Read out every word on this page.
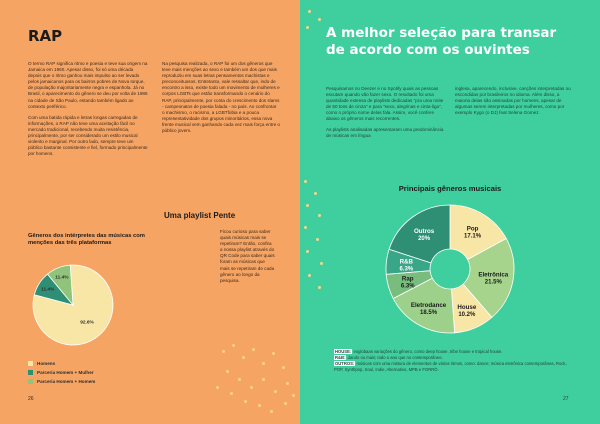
RAP

O termo RAP significa ritmo e poesia e teve sua origem na Jamaica em 1960. Apesar disso, foi só uma década depois que o ritmo ganhou mais impulso ao ser levado pelos jamaicanos para os bairros pobres de Nova Iorque, de população majoritariamente negra e espanhola. Já no Brasil, o aparecimento do gênero se deu por volta de 1986 na cidade de São Paulo, estando também ligado ao contexto periférico.

Com uma batida rápida e letras longas carregadas de informações, o RAP não teve uma aceitação fácil no mercado tradicional, recebendo muita resistência, principalmente, por ser considerado um estilo musical violento e marginal. Por outro lado, sempre teve um público bastante consistente e fiel, formado principalmente por homens.

Na pesquisa realizada, o RAP foi um dos gêneros que teve mais menções ao sexo e também um dos que mais reproduziu em suas letras pensamentos machistas e preconceituosos. Entretanto, vale ressaltar que, indo de encontro a isso, existe todo um movimento de mulheres e corpos LGBTs que estão transformando o cenário do RAP, principalmente, por conta do crescimento dos slams - campeonatos de poesia falada - no país. Ao confrontar o machismo, o racismo, a LGBTfobia e a pouca representatividade dos grupos minoritários, essa nova frente musical vem ganhando cada vez mais força entre o público jovem.

Uma playlist Pente
Ficou curioso para saber quais músicas mais se repetiram? Então, confira a nossa playlist através do QR Code para saber quais foram as músicas que mais se repetiram de cada gênero ao longo da pesquisa.
Gêneros dos intérpretes das músicas com menções das três plataformas
92.6%
11.4%
11.4%
Homens
Parceria Homem + Mulher
Parceria Homem + Homem
26
A melhor seleção para transar de acordo com os ouvintes

Pesquisamos no Deezer e no Spotify quais as pessoas escutam quando vão fazer sexo. O resultado foi uma quantidade extensa de playlists dedicadas "pra uma noite de 50 tons de cinza" e para "sexo, alegrinas e cinta-liga", como o próprio nome delas fala. Assim, você confere abaixo os gêneros mais recorrentes.

As playlists analisadas apresentaram uma predominância de músicas em língua

inglesa, aparecendo, inclusive, canções interpretadas ou escondidas por brasileiros no idioma. Além disso, a maioria delas são assinadas por homens, apesar de algumas serem interpretadas por mulheres, como por exemplo Kygo (o DJ) feat Selena Gomez.

Principais gêneros musicais
Pop
17.1%
Eletrônica
21.5%
House
10.2%
Eletrodance
18.5%
Rap
6.3%
R&B
6.3%
Outros
20%
HOUSE: englobaas variações do gênero, como deep house, tribe house e tropical house.
R&B: dando ou mais; todo o ano que no contemporâneo.
OUTROS: músicas com uma mistura de elementos de vários ritmos, como: dance; música eletrônica contemporânea, Rock, POP, Synthpop, Soul, Indie, Alternativo, MPB e FORRÓ.
27
